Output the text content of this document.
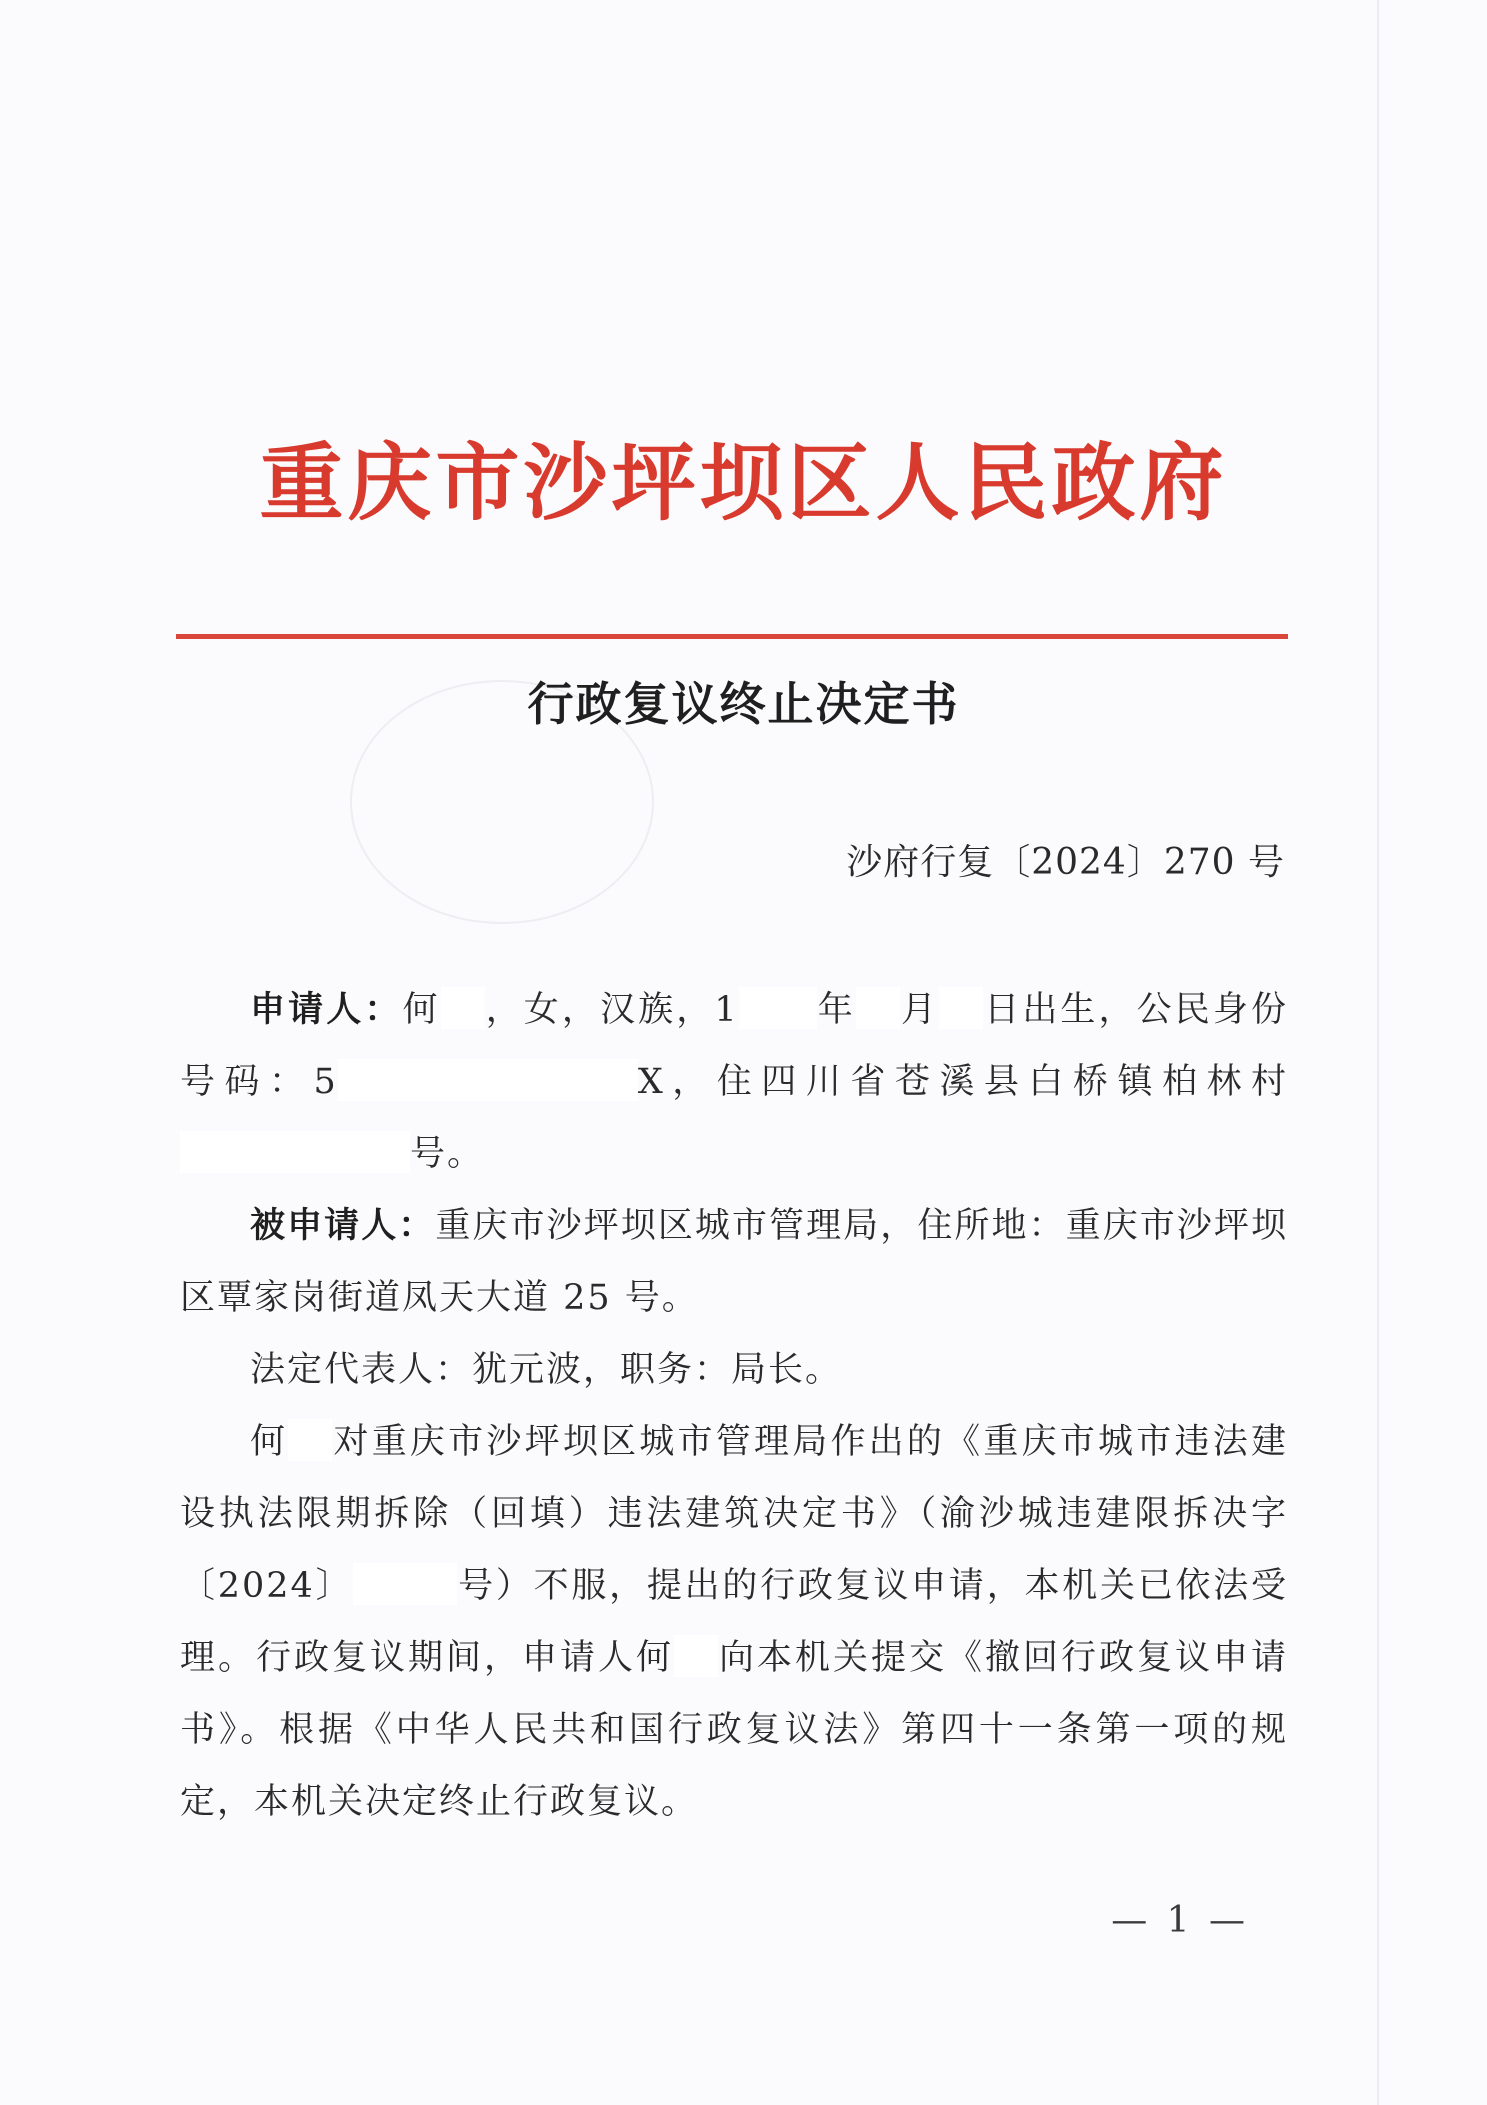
重庆市沙坪坝区人民政府
行政复议终止决定书
沙府行复〔2024〕270 号

申请人：何 ，女，汉族，1 年 月 日出生，公民身份号码：5	X，住四川省苍溪县白桥镇柏林村号。

被申请人：重庆市沙坪坝区城市管理局，住所地：重庆市沙坪坝区覃家岗街道凤天大道 25 号。

法定代表人：犹元波，职务：局长。

何 对重庆市沙坪坝区城市管理局作出的《重庆市城市违法建设执法限期拆除（回填）违法建筑决定书》（渝沙城违建限拆决字〔2024〕	号）不服，提出的行政复议申请，本机关已依法受理。行政复议期间，申请人何 向本机关提交《撤回行政复议申请书》。根据《中华人民共和国行政复议法》第四十一条第一项的规定，本机关决定终止行政复议。

— 1 —
